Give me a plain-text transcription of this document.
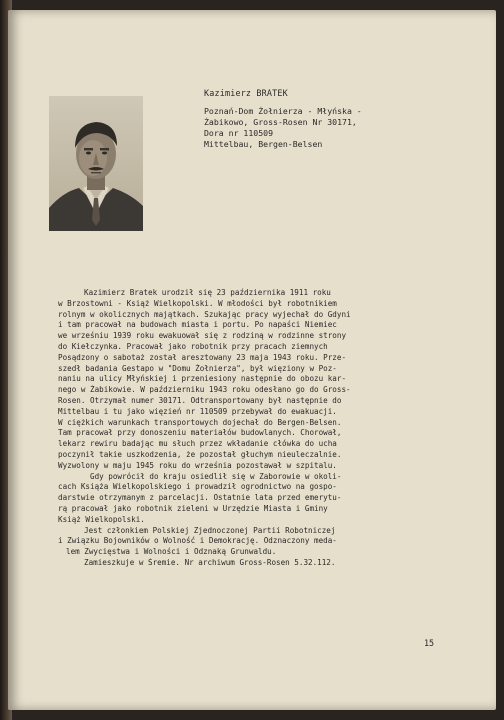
Kazimierz BRATEK
Poznań-Dom Żołnierza - Młyńska -
Żabikowo, Gross-Rosen Nr 30171,
Dora nr 110509
Mittelbau, Bergen-Belsen
Kazimierz Bratek urodził się 23 października 1911 roku
w Brzostowni - Książ Wielkopolski. W młodości był robotnikiem
rolnym w okolicznych majątkach. Szukając pracy wyjechał do Gdyni
i tam pracował na budowach miasta i portu. Po napaści Niemiec
we wrześniu 1939 roku ewakuował się z rodziną w rodzinne strony
do Kiełczynka. Pracował jako robotnik przy pracach ziemnych
Posądzony o sabotaż został aresztowany 23 maja 1943 roku. Prze-
szedł badania Gestapo w "Domu Żołnierza", był więziony w Poz-
naniu na ulicy Młyńskiej i przeniesiony następnie do obozu kar-
nego w Żabikowie. W październiku 1943 roku odesłano go do Gross-
Rosen. Otrzymał numer 30171. Odtransportowany był następnie do
Mittelbau i tu jako więzień nr 110509 przebywał do ewakuacji.
W ciężkich warunkach transportowych dojechał do Bergen-Belsen.
Tam pracował przy donoszeniu materiałów budowlanych. Chorował,
lekarz rewiru badając mu słuch przez wkładanie cłówka do ucha
poczynił takie uszkodzenia, że pozostał głuchym nieuleczalnie.
Wyzwolony w maju 1945 roku do września pozostawał w szpitalu.
Gdy powrócił do kraju osiedlił się w Zaborowie w okoli-
cach Książa Wielkopolskiego i prowadził ogrodnictwo na gospo-
darstwie otrzymanym z parcelacji. Ostatnie lata przed emerytu-
rą pracował jako robotnik zieleni w Urzędzie Miasta i Gminy
Książ Wielkopolski.
Jest członkiem Polskiej Zjednoczonej Partii Robotniczej
i Związku Bojowników o Wolność i Demokrację. Odznaczony meda-
lem Zwycięstwa i Wolności i Odznaką Grunwaldu.
Zamieszkuje w Śremie. Nr archiwum Gross-Rosen 5.32.112.
15
